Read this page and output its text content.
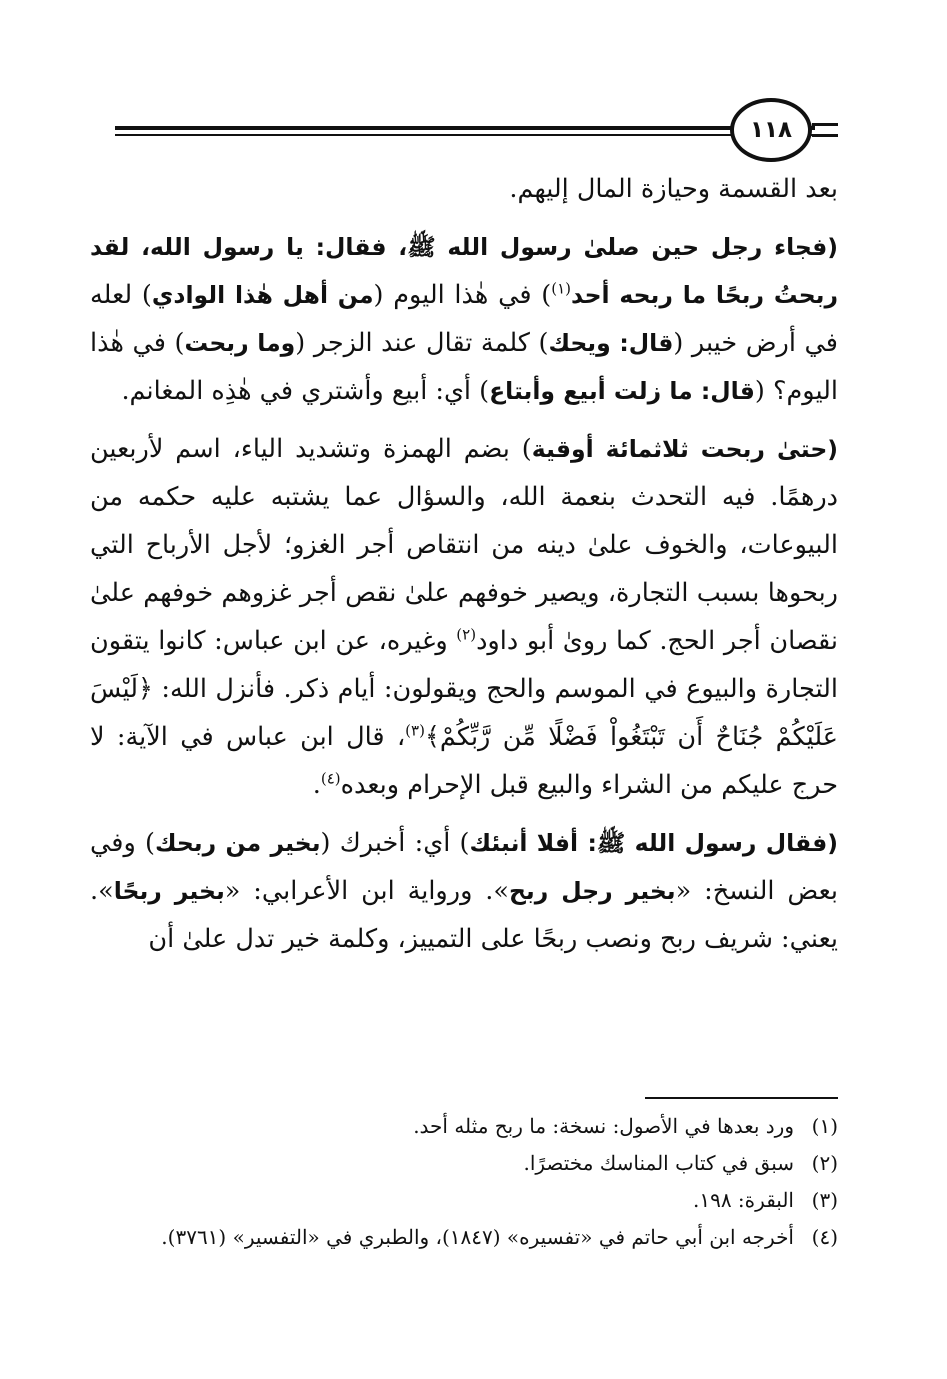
١١٨

بعد القسمة وحيازة المال إليهم.

(فجاء رجل حين صلىٰ رسول الله ﷺ، فقال: يا رسول الله، لقد ربحتُ ربحًا ما ربحه أحد$^{(١)}$) في هٰذا اليوم (من أهل هٰذا الوادي) لعله في أرض خيبر (قال: ويحك) كلمة تقال عند الزجر (وما ربحت) في هٰذا اليوم؟ (قال: ما زلت أبيع وأبتاع) أي: أبيع وأشتري في هٰذِه المغانم.

(حتىٰ ربحت ثلاثمائة أوقية) بضم الهمزة وتشديد الياء، اسم لأربعين درهمًا. فيه التحدث بنعمة الله، والسؤال عما يشتبه عليه حكمه من البيوعات، والخوف علىٰ دينه من انتقاص أجر الغزو؛ لأجل الأرباح التي ربحوها بسبب التجارة، ويصير خوفهم علىٰ نقص أجر غزوهم خوفهم علىٰ نقصان أجر الحج. كما روىٰ أبو داود$^{(٢)}$ وغيره، عن ابن عباس: كانوا يتقون التجارة والبيوع في الموسم والحج ويقولون: أيام ذكر. فأنزل الله: ﴿لَيْسَ عَلَيْكُمْ جُنَاحٌ أَن تَبْتَغُواْ فَضْلًا مِّن رَّبِّكُمْ﴾$^{(٣)}$، قال ابن عباس في الآية: لا حرج عليكم من الشراء والبيع قبل الإحرام وبعده$^{(٤)}$.

(فقال رسول الله ﷺ: أفلا أنبئك) أي: أخبرك (بخير من ربحك) وفي بعض النسخ: «بخير رجل ربح». ورواية ابن الأعرابي: «بخير ربحًا». يعني: شريف ربح ونصب ربحًا على التمييز، وكلمة خير تدل علىٰ أن

(١)ورد بعدها في الأصول: نسخة: ما ربح مثله أحد.
(٢)سبق في كتاب المناسك مختصرًا.
(٣)البقرة: ١٩٨.
(٤)أخرجه ابن أبي حاتم في «تفسيره» (١٨٤٧)، والطبري في «التفسير» (٣٧٦١).
